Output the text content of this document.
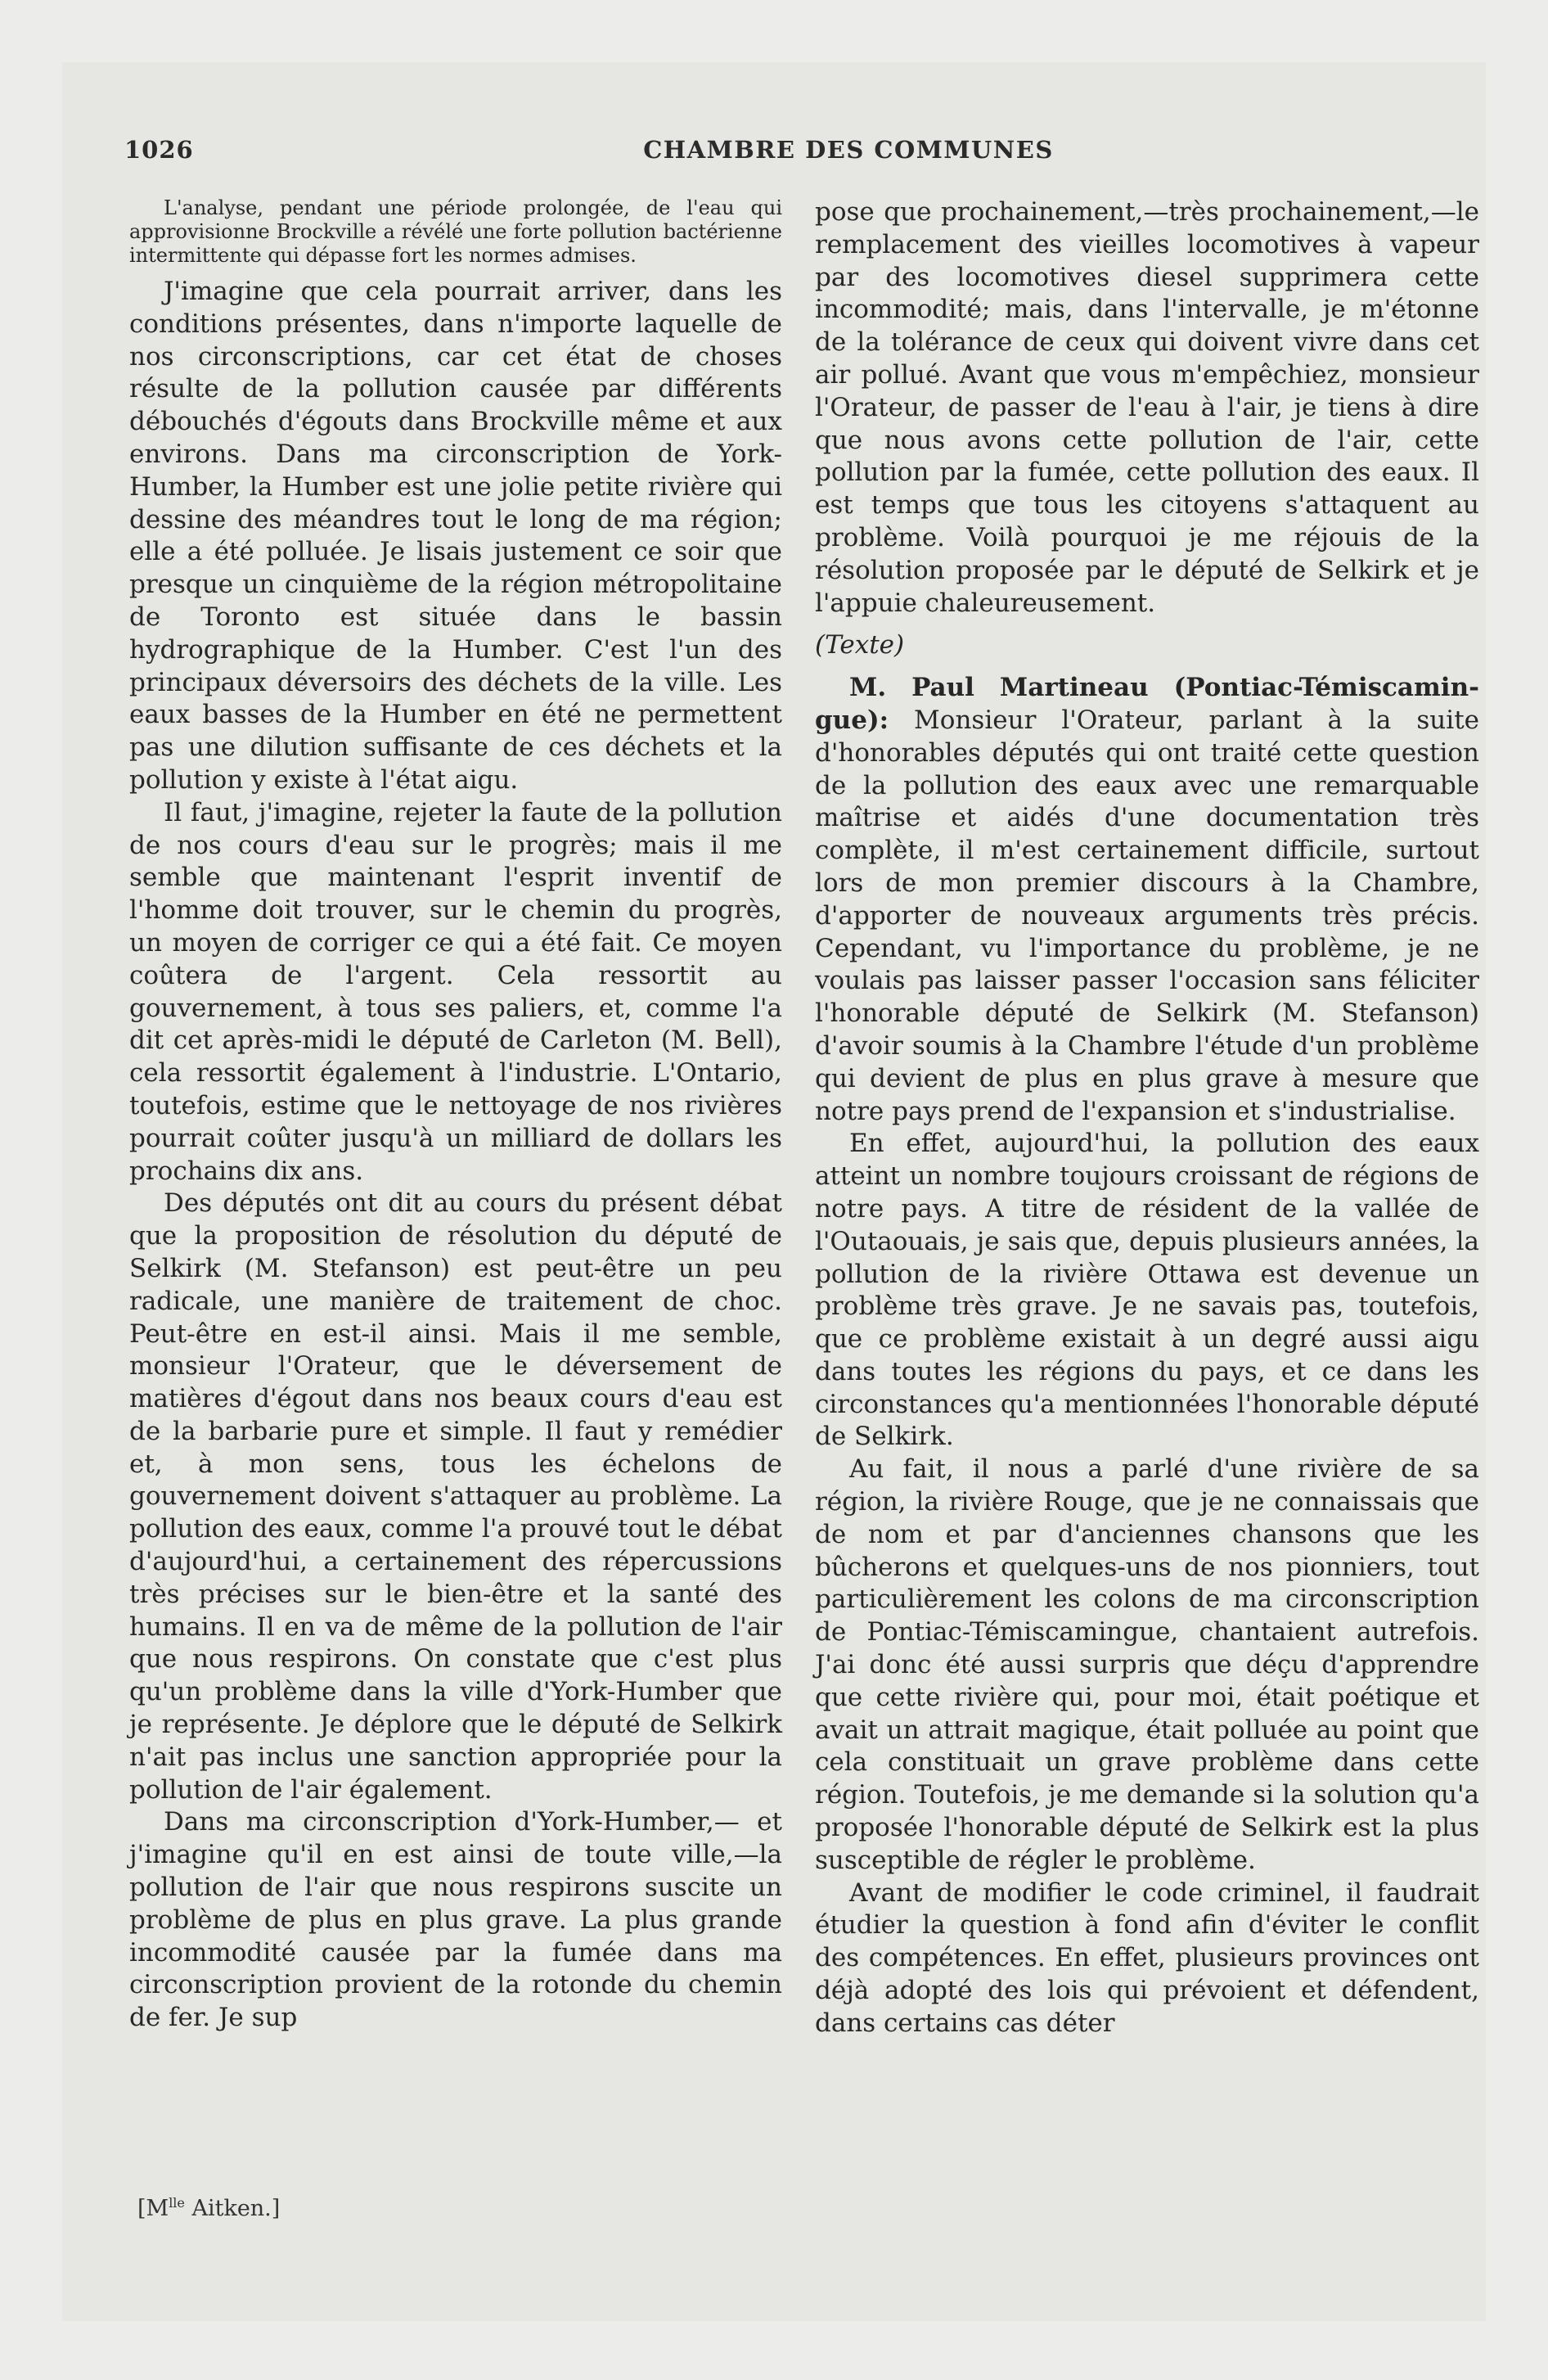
1026	CHAMBRE DES COMMUNES

L'analyse, pendant une période prolongée, de l'eau qui approvisionne Brockville a révélé une forte pollution bactérienne intermittente qui dépasse fort les normes admises.

J'imagine que cela pourrait arriver, dans les conditions présentes, dans n'importe laquelle de nos circonscriptions, car cet état de choses résulte de la pollution causée par différents débouchés d'égouts dans Brockville même et aux environs. Dans ma circonscription de York-Humber, la Humber est une jolie petite rivière qui dessine des méandres tout le long de ma région; elle a été polluée. Je lisais justement ce soir que presque un cinquième de la région métropolitaine de Toronto est située dans le bassin hydrographique de la Humber. C'est l'un des principaux déversoirs des déchets de la ville. Les eaux basses de la Humber en été ne permettent pas une dilution suffisante de ces déchets et la pollution y existe à l'état aigu.

Il faut, j'imagine, rejeter la faute de la pollution de nos cours d'eau sur le progrès; mais il me semble que maintenant l'esprit inventif de l'homme doit trouver, sur le chemin du progrès, un moyen de corriger ce qui a été fait. Ce moyen coûtera de l'argent. Cela ressortit au gouvernement, à tous ses paliers, et, comme l'a dit cet après-midi le député de Carleton (M. Bell), cela ressortit également à l'industrie. L'Ontario, toutefois, estime que le nettoyage de nos rivières pourrait coûter jusqu'à un milliard de dollars les prochains dix ans.

Des députés ont dit au cours du présent débat que la proposition de résolution du député de Selkirk (M. Stefanson) est peut-être un peu radicale, une manière de traitement de choc. Peut-être en est-il ainsi. Mais il me semble, monsieur l'Orateur, que le déversement de matières d'égout dans nos beaux cours d'eau est de la barbarie pure et simple. Il faut y remédier et, à mon sens, tous les échelons de gouvernement doivent s'attaquer au problème. La pollution des eaux, comme l'a prouvé tout le débat d'aujourd'hui, a certainement des répercussions très précises sur le bien-être et la santé des humains. Il en va de même de la pollution de l'air que nous respirons. On constate que c'est plus qu'un problème dans la ville d'York-Humber que je représente. Je déplore que le député de Selkirk n'ait pas inclus une sanction appropriée pour la pollution de l'air également.

Dans ma circonscription d'York-Humber,— et j'imagine qu'il en est ainsi de toute ville,—la pollution de l'air que nous respirons suscite un problème de plus en plus grave. La plus grande incommodité causée par la fumée dans ma circonscription provient de la rotonde du chemin de fer. Je sup

pose que prochainement,—très prochainement,—le remplacement des vieilles locomotives à vapeur par des locomotives diesel supprimera cette incommodité; mais, dans l'intervalle, je m'étonne de la tolérance de ceux qui doivent vivre dans cet air pollué. Avant que vous m'empêchiez, monsieur l'Orateur, de passer de l'eau à l'air, je tiens à dire que nous avons cette pollution de l'air, cette pollution par la fumée, cette pollution des eaux. Il est temps que tous les citoyens s'attaquent au problème. Voilà pourquoi je me réjouis de la résolution proposée par le député de Selkirk et je l'appuie chaleureusement.

(Texte)

M. Paul Martineau (Pontiac-Témiscamingue): Monsieur l'Orateur, parlant à la suite d'honorables députés qui ont traité cette question de la pollution des eaux avec une remarquable maîtrise et aidés d'une documentation très complète, il m'est certainement difficile, surtout lors de mon premier discours à la Chambre, d'apporter de nouveaux arguments très précis. Cependant, vu l'importance du problème, je ne voulais pas laisser passer l'occasion sans féliciter l'honorable député de Selkirk (M. Stefanson) d'avoir soumis à la Chambre l'étude d'un problème qui devient de plus en plus grave à mesure que notre pays prend de l'expansion et s'industrialise.

En effet, aujourd'hui, la pollution des eaux atteint un nombre toujours croissant de régions de notre pays. A titre de résident de la vallée de l'Outaouais, je sais que, depuis plusieurs années, la pollution de la rivière Ottawa est devenue un problème très grave. Je ne savais pas, toutefois, que ce problème existait à un degré aussi aigu dans toutes les régions du pays, et ce dans les circonstances qu'a mentionnées l'honorable député de Selkirk.

Au fait, il nous a parlé d'une rivière de sa région, la rivière Rouge, que je ne connaissais que de nom et par d'anciennes chansons que les bûcherons et quelques-uns de nos pionniers, tout particulièrement les colons de ma circonscription de Pontiac-Témiscamingue, chantaient autrefois. J'ai donc été aussi surpris que déçu d'apprendre que cette rivière qui, pour moi, était poétique et avait un attrait magique, était polluée au point que cela constituait un grave problème dans cette région. Toutefois, je me demande si la solution qu'a proposée l'honorable député de Selkirk est la plus susceptible de régler le problème.

Avant de modifier le code criminel, il faudrait étudier la question à fond afin d'éviter le conflit des compétences. En effet, plusieurs provinces ont déjà adopté des lois qui prévoient et défendent, dans certains cas déter

[$M^{lle}$ Aitken.]
